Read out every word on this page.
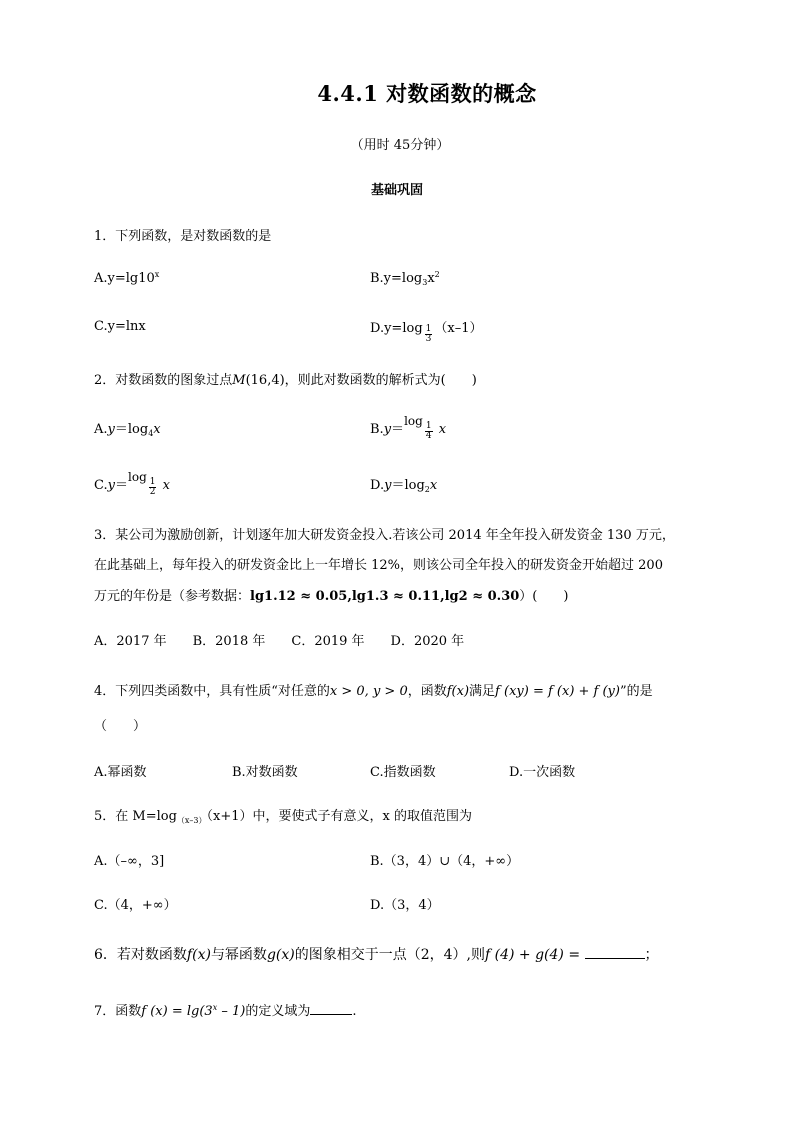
4.4.1 对数函数的概念
（用时 45分钟）
基础巩固
1．下列函数，是对数函数的是
$A.y=\lg 10^x$	$B.y=\log_3x^2$
C.y=lnx	$D.y=\log \frac{1}{3} (x-1)$
2．对数函数的图象过点M(16,4)，则此对数函数的解析式为(　　)
$A.y=\log_4x$	B.y＝log
$\frac{1}{4}$ x
C.y＝log
$\frac{1}{2}$ x	$D.y=\log_2x$
3．某公司为激励创新，计划逐年加大研发资金投入.若该公司 2014 年全年投入研发资金 130 万元，
在此基础上，每年投入的研发资金比上一年增长 12%，则该公司全年投入的研发资金开始超过 200
万元的年份是（参考数据：lg1.12 ≈ 0.05,lg1.3 ≈ 0.11,lg2 ≈ 0.30）(　　)
A．2017 年　　B．2018 年　　C．2019 年　　D．2020 年
4．下列四类函数中，具有性质“对任意的x > 0, y > 0，函数f(x)满足f (xy) = f (x) + f (y)”的是
（　　）
A.幂函数	B.对数函数	C.指数函数	D.一次函数
5．在 $M=\log_{(x-3)}(x+1)$中，要使式子有意义，x 的取值范围为
A.（–∞，3]	B.（3，4）∪（4，+∞）
C.（4，+∞）	D.（3，4）
6．若对数函数f(x)与幂函数g(x)的图象相交于一点（2，4）,则f (4) + g(4) =	；
7．函数f $(x) = \lg(3^x - 1)$的定义域为	.
